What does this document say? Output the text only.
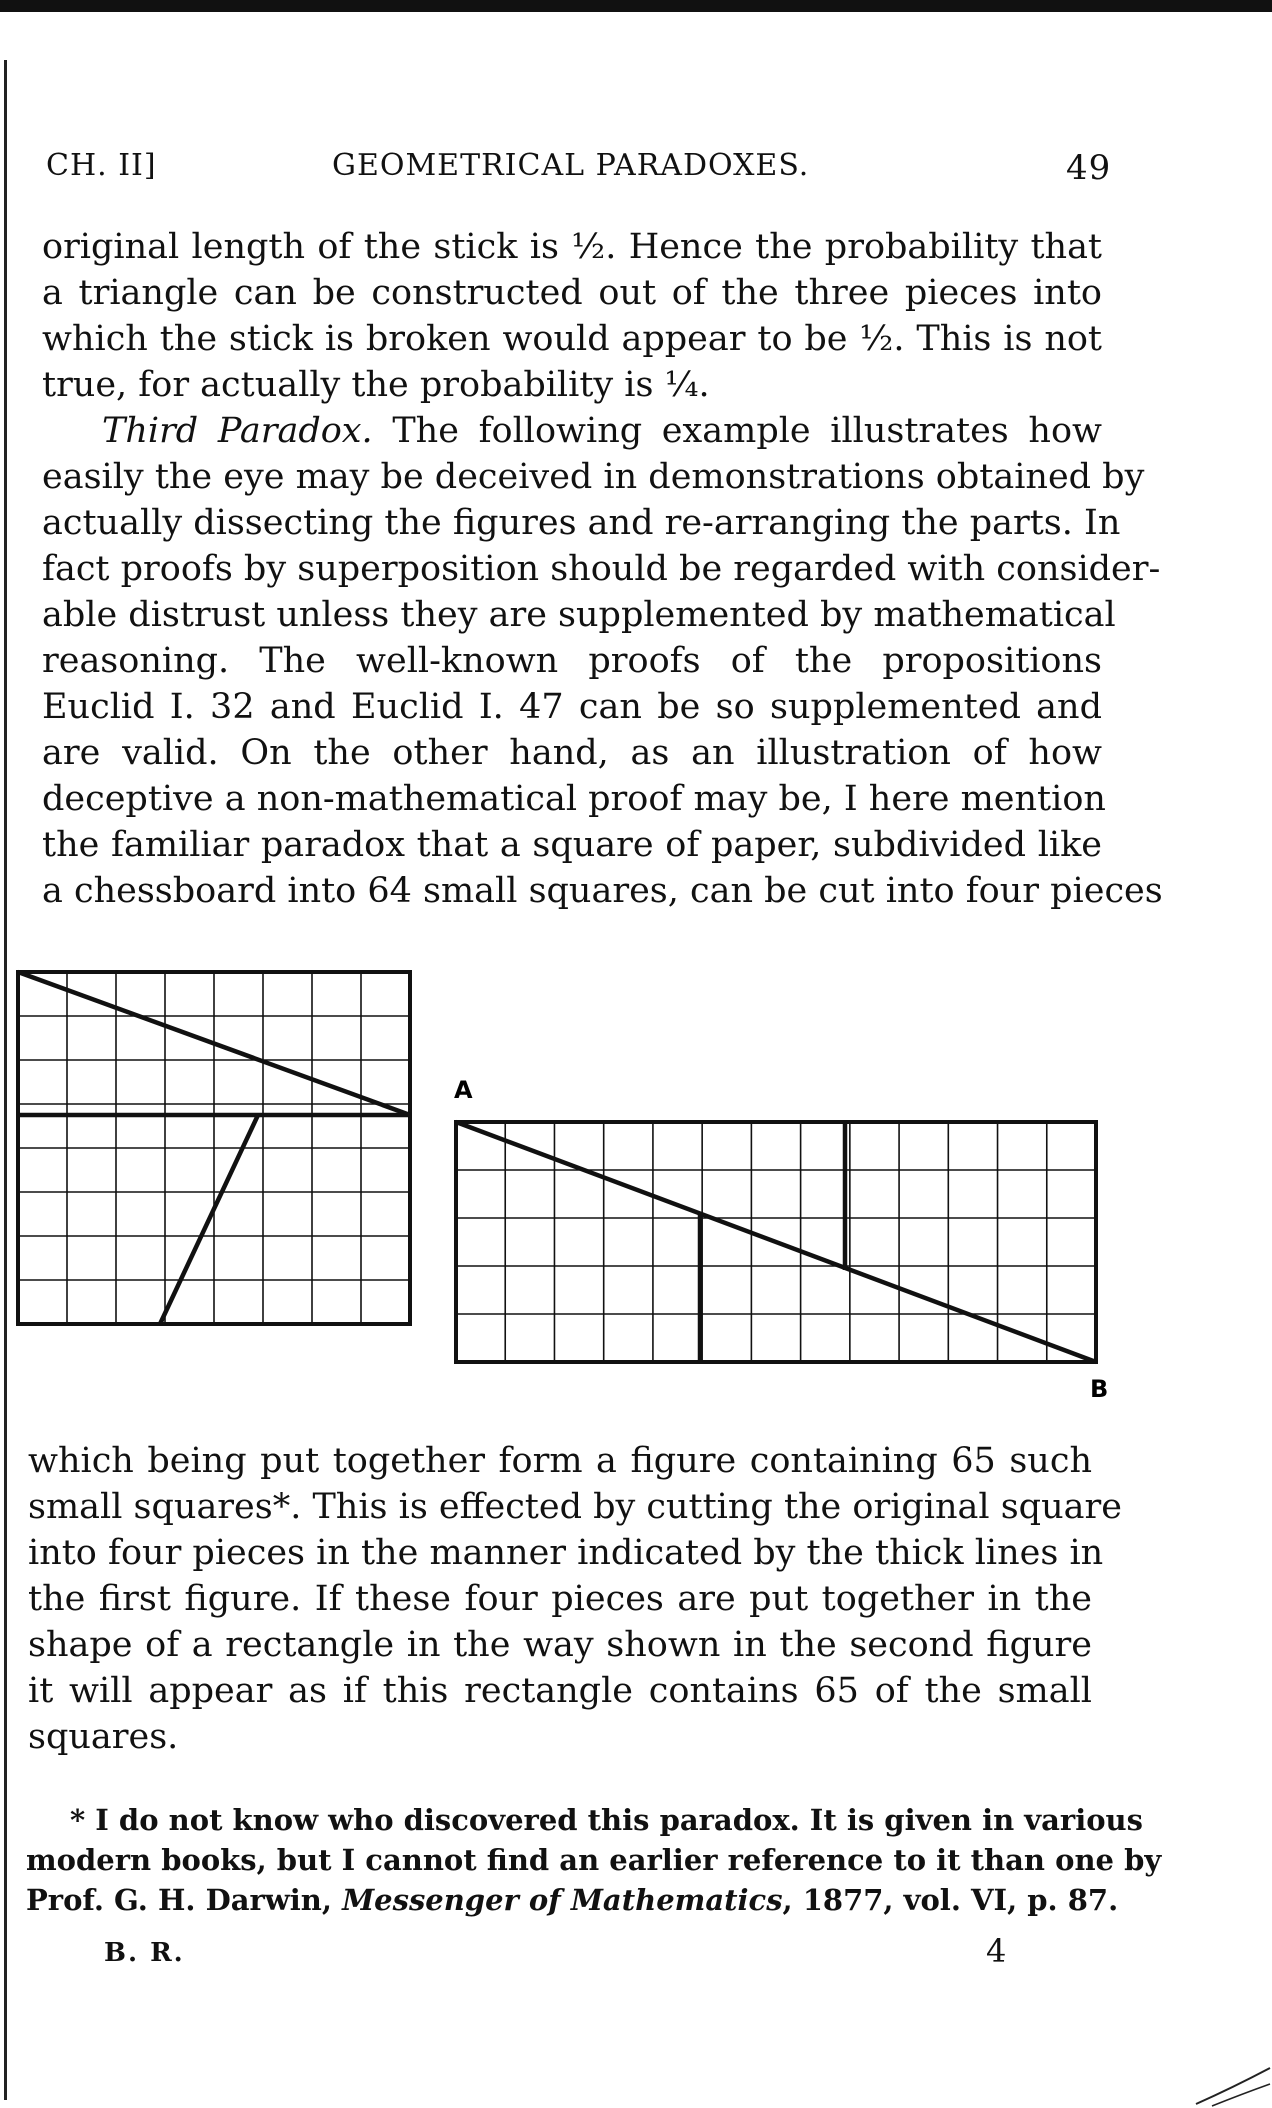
CH. II]	GEOMETRICAL PARADOXES.	49
original length of the stick is ½. Hence the probability that
a triangle can be constructed out of the three pieces into
which the stick is broken would appear to be ½. This is not
true, for actually the probability is ¼.
Third Paradox. The following example illustrates how
easily the eye may be deceived in demonstrations obtained by
actually dissecting the figures and re-arranging the parts. In
fact proofs by superposition should be regarded with consider-
able distrust unless they are supplemented by mathematical
reasoning. The well-known proofs of the propositions
Euclid I. 32 and Euclid I. 47 can be so supplemented and
are valid. On the other hand, as an illustration of how
deceptive a non-mathematical proof may be, I here mention
the familiar paradox that a square of paper, subdivided like
a chessboard into 64 small squares, can be cut into four pieces
A
B
which being put together form a figure containing 65 such
small squares*. This is effected by cutting the original square
into four pieces in the manner indicated by the thick lines in
the first figure. If these four pieces are put together in the
shape of a rectangle in the way shown in the second figure
it will appear as if this rectangle contains 65 of the small
squares.
* I do not know who discovered this paradox. It is given in various
modern books, but I cannot find an earlier reference to it than one by
Prof. G. H. Darwin, Messenger of Mathematics, 1877, vol. VI, p. 87.
B. R.	4
